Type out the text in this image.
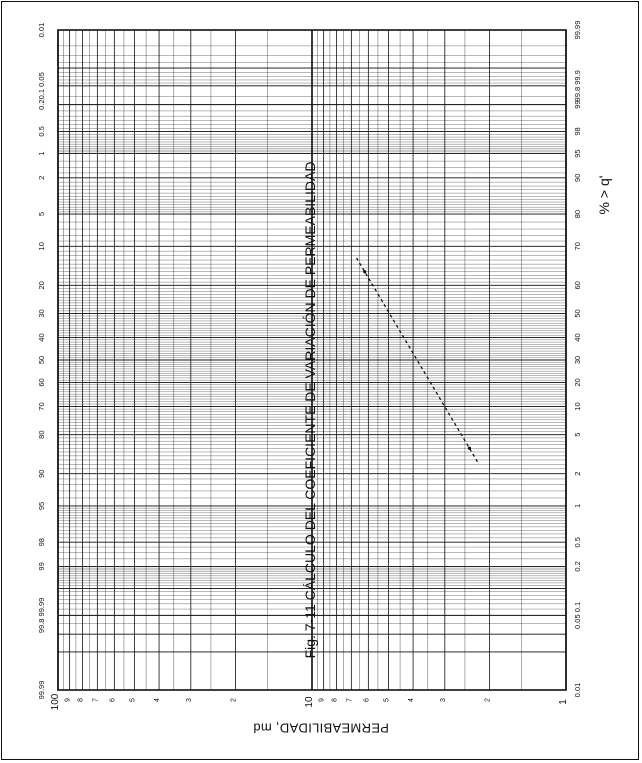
0.01
0.1 0.05
0.2
0.5
1
2
5
10
20
30
40
50
60
70
80
90
95
98
99
99.8 99.99
99.99
99.99
99.8 99.9
99
98
95
90
80
70
60
50
40
30
20
10
5
2
1
0.5
0.2
0.05 0.1
0.01
100	10	1
9 8 7 6 5	4	3	2
9 8 7 6 5	4	3	2
Fig. 7-11 CÁLCULO DEL COEFICIENTE DE VARIACIÓN DE PERMEABILIDAD	% > q'
PERMEABILIDAD, md
